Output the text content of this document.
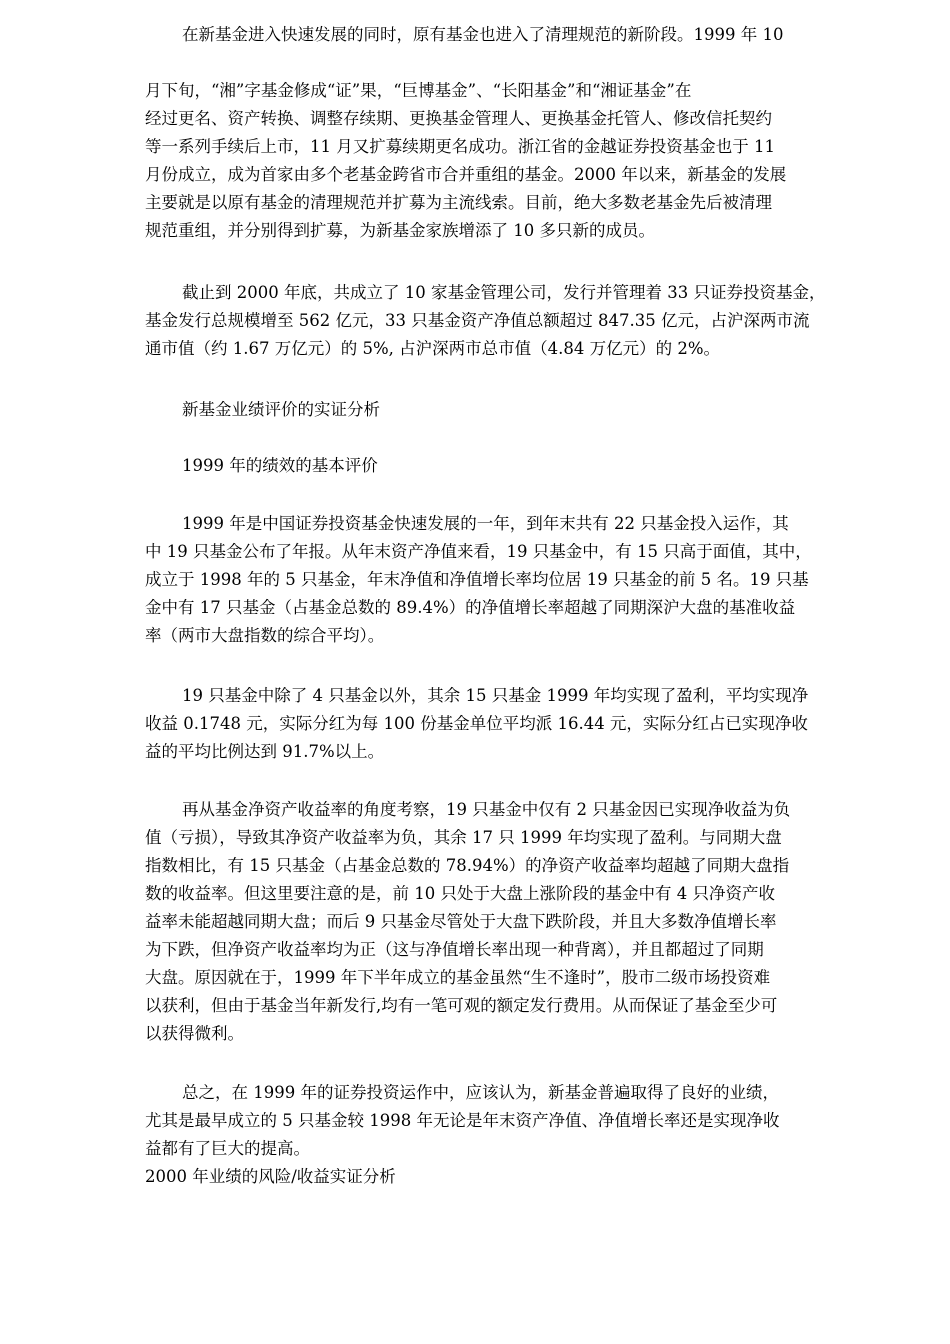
在新基金进入快速发展的同时，原有基金也进入了清理规范的新阶段。1999 年 10
月下旬，“湘”字基金修成“证”果，“巨博基金”、“长阳基金”和“湘证基金”在
经过更名、资产转换、调整存续期、更换基金管理人、更换基金托管人、修改信托契约
等一系列手续后上市，11 月又扩募续期更名成功。浙江省的金越证券投资基金也于 11
月份成立，成为首家由多个老基金跨省市合并重组的基金。2000 年以来，新基金的发展
主要就是以原有基金的清理规范并扩募为主流线索。目前，绝大多数老基金先后被清理
规范重组，并分别得到扩募，为新基金家族增添了 10 多只新的成员。
截止到 2000 年底，共成立了 10 家基金管理公司，发行并管理着 33 只证券投资基金，
基金发行总规模增至 562 亿元，33 只基金资产净值总额超过 847.35 亿元，占沪深两市流
通市值（约 1.67 万亿元）的 5%, 占沪深两市总市值（4.84 万亿元）的 2%。
新基金业绩评价的实证分析
1999 年的绩效的基本评价
1999 年是中国证券投资基金快速发展的一年，到年末共有 22 只基金投入运作，其
中 19 只基金公布了年报。从年末资产净值来看，19 只基金中，有 15 只高于面值，其中，
成立于 1998 年的 5 只基金，年末净值和净值增长率均位居 19 只基金的前 5 名。19 只基
金中有 17 只基金（占基金总数的 89.4%）的净值增长率超越了同期深沪大盘的基准收益
率（两市大盘指数的综合平均）。
19 只基金中除了 4 只基金以外，其余 15 只基金 1999 年均实现了盈利，平均实现净
收益 0.1748 元，实际分红为每 100 份基金单位平均派 16.44 元，实际分红占已实现净收
益的平均比例达到 91.7%以上。
再从基金净资产收益率的角度考察，19 只基金中仅有 2 只基金因已实现净收益为负
值（亏损），导致其净资产收益率为负，其余 17 只 1999 年均实现了盈利。与同期大盘
指数相比，有 15 只基金（占基金总数的 78.94%）的净资产收益率均超越了同期大盘指
数的收益率。但这里要注意的是，前 10 只处于大盘上涨阶段的基金中有 4 只净资产收
益率未能超越同期大盘；而后 9 只基金尽管处于大盘下跌阶段，并且大多数净值增长率
为下跌，但净资产收益率均为正（这与净值增长率出现一种背离），并且都超过了同期
大盘。原因就在于，1999 年下半年成立的基金虽然“生不逢时”，股市二级市场投资难
以获利，但由于基金当年新发行,均有一笔可观的额定发行费用。从而保证了基金至少可
以获得微利。
总之，在 1999 年的证券投资运作中，应该认为，新基金普遍取得了良好的业绩，
尤其是最早成立的 5 只基金较 1998 年无论是年末资产净值、净值增长率还是实现净收
益都有了巨大的提高。
2000 年业绩的风险/收益实证分析
